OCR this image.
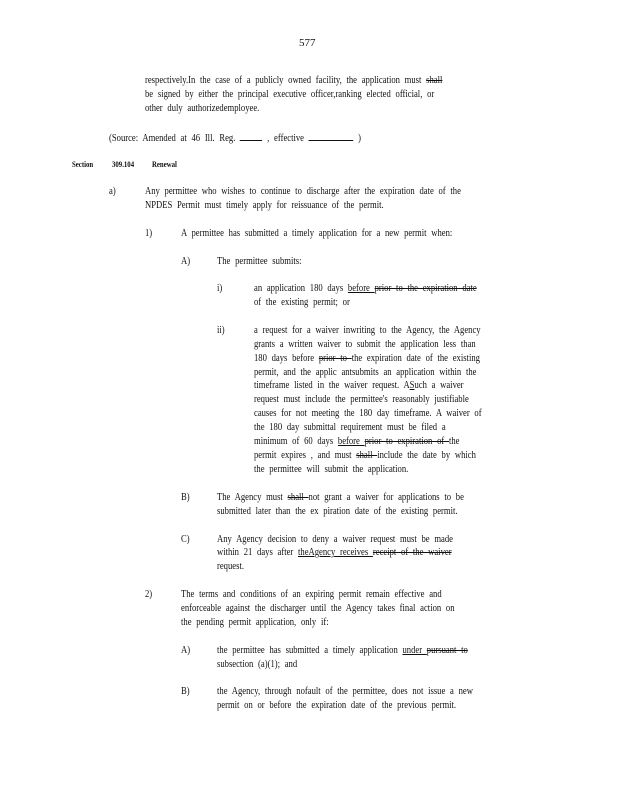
577
respectively.In the case of a publicly owned facility, the application must shall
be signed by either the principal executive officer,ranking elected official, or
other duly authorizedemployee.
(Source: Amended at 46 Ill. Reg.	, effective	)
Section 309.104 Renewal
a)	Any permittee who wishes to continue to discharge after the expiration date of the
NPDES Permit must timely apply for reissuance of the permit.
1)	A permittee has submitted a timely application for a new permit when:
A)	The permittee submits:
i)	an application 180 days before prior to the expiration date
of the existing permit; or
ii)	a request for a waiver inwriting to the Agency, the Agency
grants a written waiver to submit the application less than
180 days before prior to the expiration date of the existing
permit, and the applic antsubmits an application within the
timeframe listed in the waiver request. ASuch a waiver
request must include the permittee's reasonably justifiable
causes for not meeting the 180 day timeframe. A waiver of
the 180 day submittal requirement must be filed a
minimum of 60 days before prior to expiration of the
permit expires , and must shall include the date by which
the permittee will submit the application.
B)	The Agency must shall not grant a waiver for applications to be
submitted later than the ex piration date of the existing permit.
C)	Any Agency decision to deny a waiver request must be made
within 21 days after theAgency receives receipt of the waiver
request.
2)	The terms and conditions of an expiring permit remain effective and
enforceable against the discharger until the Agency takes final action on
the pending permit application, only if:
A)	the permittee has submitted a timely application under pursuant to
subsection (a)(1); and
B)	the Agency, through nofault of the permittee, does not issue a new
permit on or before the expiration date of the previous permit.
